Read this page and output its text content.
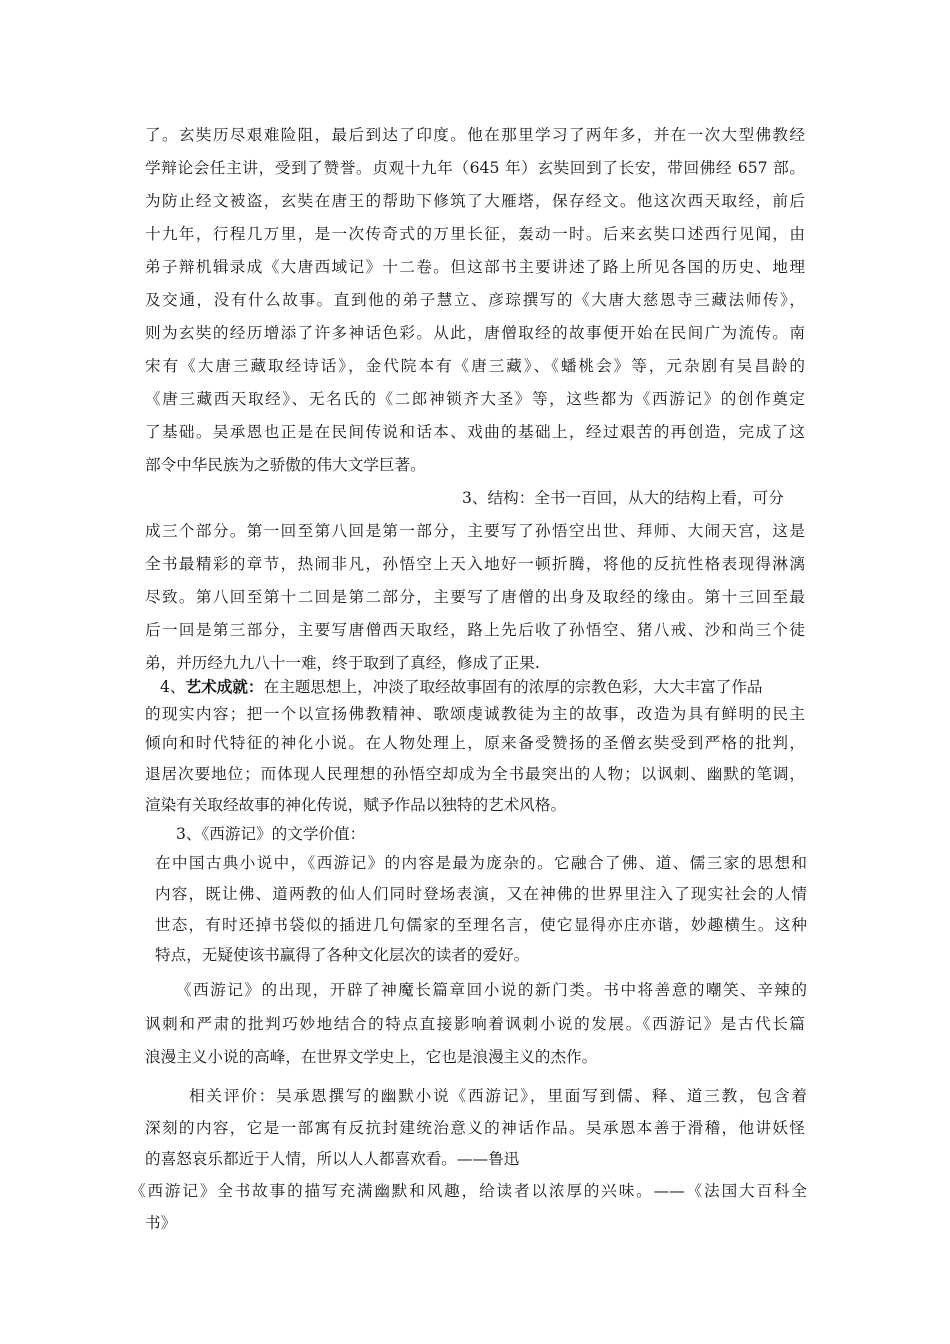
了。玄奘历尽艰难险阻，最后到达了印度。他在那里学习了两年多，并在一次大型佛教经
学辩论会任主讲，受到了赞誉。贞观十九年（645 年）玄奘回到了长安，带回佛经 657 部。
为防止经文被盗，玄奘在唐王的帮助下修筑了大雁塔，保存经文。他这次西天取经，前后
十九年，行程几万里，是一次传奇式的万里长征，轰动一时。后来玄奘口述西行见闻，由
弟子辩机辑录成《大唐西域记》十二卷。但这部书主要讲述了路上所见各国的历史、地理
及交通，没有什么故事。直到他的弟子慧立、彦琮撰写的《大唐大慈恩寺三藏法师传》，
则为玄奘的经历增添了许多神话色彩。从此，唐僧取经的故事便开始在民间广为流传。南
宋有《大唐三藏取经诗话》，金代院本有《唐三藏》、《蟠桃会》等，元杂剧有吴昌龄的
《唐三藏西天取经》、无名氏的《二郎神锁齐大圣》等，这些都为《西游记》的创作奠定
了基础。吴承恩也正是在民间传说和话本、戏曲的基础上，经过艰苦的再创造，完成了这
部令中华民族为之骄傲的伟大文学巨著。
3、结构：全书一百回，从大的结构上看，可分
成三个部分。第一回至第八回是第一部分，主要写了孙悟空出世、拜师、大闹天宫，这是
全书最精彩的章节，热闹非凡，孙悟空上天入地好一顿折腾，将他的反抗性格表现得淋漓
尽致。第八回至第十二回是第二部分，主要写了唐僧的出身及取经的缘由。第十三回至最
后一回是第三部分，主要写唐僧西天取经，路上先后收了孙悟空、猪八戒、沙和尚三个徒
弟，并历经九九八十一难，终于取到了真经，修成了正果.
4、艺术成就：在主题思想上，冲淡了取经故事固有的浓厚的宗教色彩，大大丰富了作品
的现实内容；把一个以宣扬佛教精神、歌颂虔诚教徒为主的故事，改造为具有鲜明的民主
倾向和时代特征的神化小说。在人物处理上，原来备受赞扬的圣僧玄奘受到严格的批判，
退居次要地位；而体现人民理想的孙悟空却成为全书最突出的人物；以讽刺、幽默的笔调，
渲染有关取经故事的神化传说，赋予作品以独特的艺术风格。
3、《西游记》的文学价值：
在中国古典小说中，《西游记》的内容是最为庞杂的。它融合了佛、道、儒三家的思想和
内容，既让佛、道两教的仙人们同时登场表演，又在神佛的世界里注入了现实社会的人情
世态，有时还掉书袋似的插进几句儒家的至理名言，使它显得亦庄亦谐，妙趣横生。这种
特点，无疑使该书赢得了各种文化层次的读者的爱好。
《西游记》的出现，开辟了神魔长篇章回小说的新门类。书中将善意的嘲笑、辛辣的
讽刺和严肃的批判巧妙地结合的特点直接影响着讽刺小说的发展。《西游记》是古代长篇
浪漫主义小说的高峰，在世界文学史上，它也是浪漫主义的杰作。
相关评价：吴承恩撰写的幽默小说《西游记》，里面写到儒、释、道三教，包含着
深刻的内容，它是一部寓有反抗封建统治意义的神话作品。吴承恩本善于滑稽，他讲妖怪
的喜怒哀乐都近于人情，所以人人都喜欢看。——鲁迅
《西游记》全书故事的描写充满幽默和风趣，给读者以浓厚的兴味。——《法国大百科全
书》
